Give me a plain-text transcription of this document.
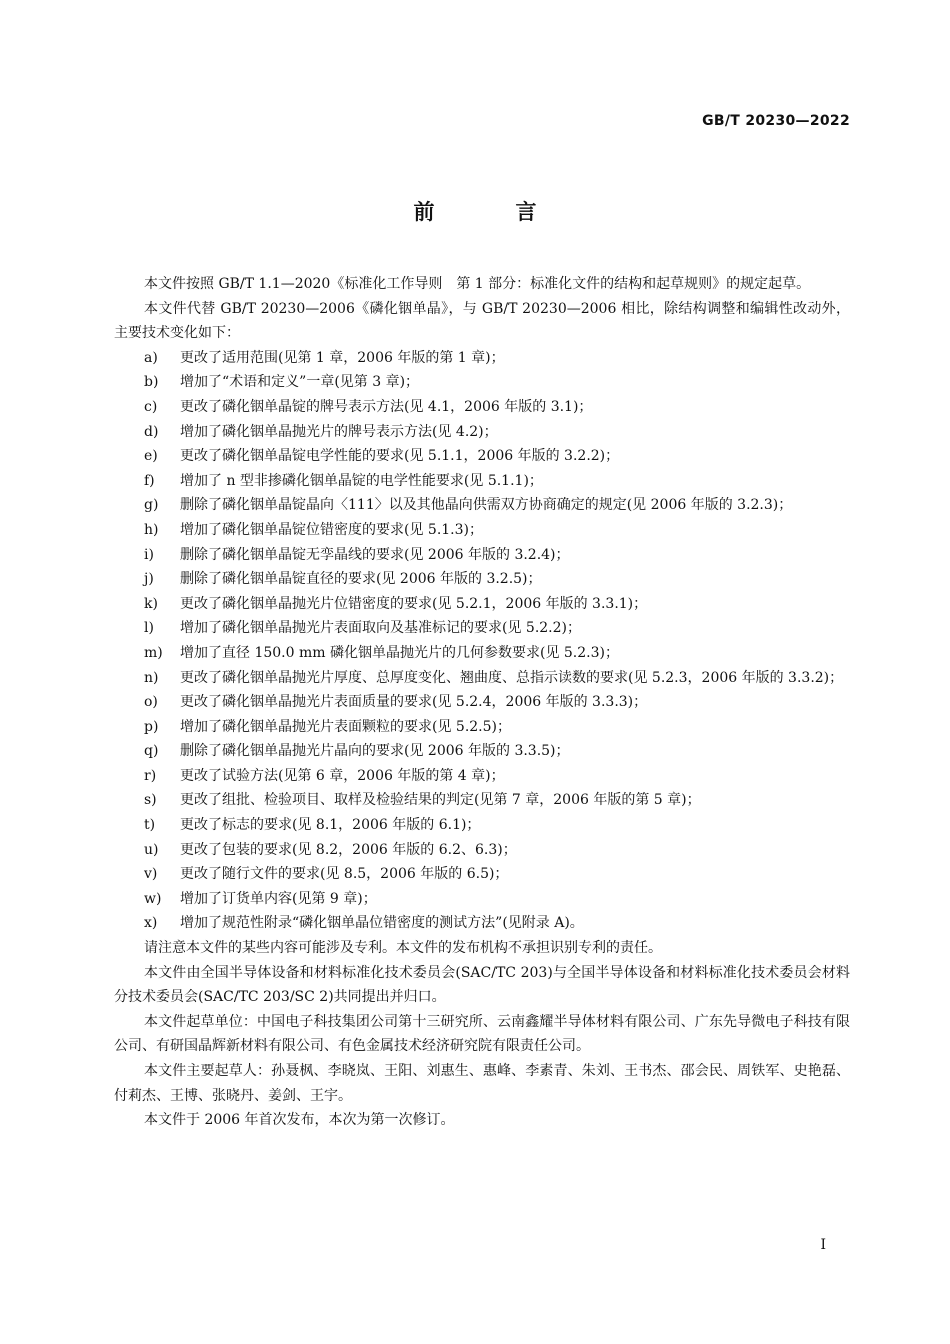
GB/T 20230—2022
前　言

本文件按照 GB/T 1.1—2020《标准化工作导则　第 1 部分：标准化文件的结构和起草规则》的规定起草。

本文件代替 GB/T 20230—2006《磷化铟单晶》，与 GB/T 20230—2006 相比，除结构调整和编辑性改动外，主要技术变化如下：

a)	更改了适用范围(见第 1 章，2006 年版的第 1 章)；
b)	增加了“术语和定义”一章(见第 3 章)；
c)	更改了磷化铟单晶锭的牌号表示方法(见 4.1，2006 年版的 3.1)；
d)	增加了磷化铟单晶抛光片的牌号表示方法(见 4.2)；
e)	更改了磷化铟单晶锭电学性能的要求(见 5.1.1，2006 年版的 3.2.2)；
f)	增加了 n 型非掺磷化铟单晶锭的电学性能要求(见 5.1.1)；
g)	删除了磷化铟单晶锭晶向〈111〉以及其他晶向供需双方协商确定的规定(见 2006 年版的 3.2.3)；
h)	增加了磷化铟单晶锭位错密度的要求(见 5.1.3)；
i)	删除了磷化铟单晶锭无孪晶线的要求(见 2006 年版的 3.2.4)；
j)	删除了磷化铟单晶锭直径的要求(见 2006 年版的 3.2.5)；
k)	更改了磷化铟单晶抛光片位错密度的要求(见 5.2.1，2006 年版的 3.3.1)；
l)	增加了磷化铟单晶抛光片表面取向及基准标记的要求(见 5.2.2)；
m)	增加了直径 150.0 mm 磷化铟单晶抛光片的几何参数要求(见 5.2.3)；
n)	更改了磷化铟单晶抛光片厚度、总厚度变化、翘曲度、总指示读数的要求(见 5.2.3，2006 年版的 3.3.2)；
o)	更改了磷化铟单晶抛光片表面质量的要求(见 5.2.4，2006 年版的 3.3.3)；
p)	增加了磷化铟单晶抛光片表面颗粒的要求(见 5.2.5)；
q)	删除了磷化铟单晶抛光片晶向的要求(见 2006 年版的 3.3.5)；
r)	更改了试验方法(见第 6 章，2006 年版的第 4 章)；
s)	更改了组批、检验项目、取样及检验结果的判定(见第 7 章，2006 年版的第 5 章)；
t)	更改了标志的要求(见 8.1，2006 年版的 6.1)；
u)	更改了包装的要求(见 8.2，2006 年版的 6.2、6.3)；
v)	更改了随行文件的要求(见 8.5，2006 年版的 6.5)；
w)	增加了订货单内容(见第 9 章)；
x)	增加了规范性附录“磷化铟单晶位错密度的测试方法”(见附录 A)。

请注意本文件的某些内容可能涉及专利。本文件的发布机构不承担识别专利的责任。

本文件由全国半导体设备和材料标准化技术委员会(SAC/TC 203)与全国半导体设备和材料标准化技术委员会材料分技术委员会(SAC/TC 203/SC 2)共同提出并归口。

本文件起草单位：中国电子科技集团公司第十三研究所、云南鑫耀半导体材料有限公司、广东先导微电子科技有限公司、有研国晶辉新材料有限公司、有色金属技术经济研究院有限责任公司。

本文件主要起草人：孙聂枫、李晓岚、王阳、刘惠生、惠峰、李素青、朱刘、王书杰、邵会民、周铁军、史艳磊、付莉杰、王博、张晓丹、姜剑、王宇。

本文件于 2006 年首次发布，本次为第一次修订。

I
